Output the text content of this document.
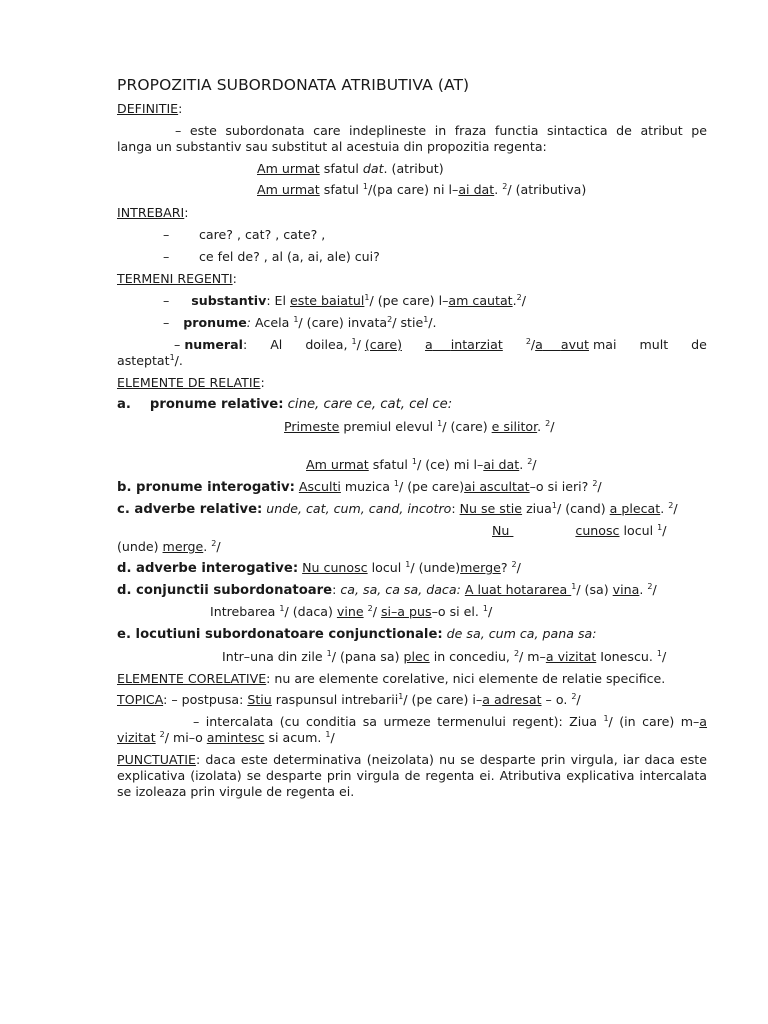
PROPOZITIA SUBORDONATA ATRIBUTIVA (AT)
DEFINITIE:
– este subordonata care indeplineste in fraza functia sintactica de atribut pe
langa un substantiv sau substitut al acestuia din propozitia regenta:
Am urmat sfatul dat. (atribut)
Am urmat sfatul $^1$/(pa care) ni l–ai dat. $^2$/ (atributiva)
INTREBARI:
– care? , cat? , cate? ,
– ce fel de? , al (a, ai, ale) cui?
TERMENI REGENTI:
– substantiv: El este baiatul$^1$/ (pe care) l–am cautat.$^2$/
– pronume: Acela $^1$/ (care) invata$^2$/ stie$^1$/.
– numeral: Al doilea, $^1$/ (care) a intarziat	$^2$/a avut mai mult de
asteptat$^1$/.
ELEMENTE DE RELATIE:
a. pronume relative: cine, care ce, cat, cel ce:
Primeste premiul elevul $^1$/ (care) e silitor. $^2$/
Am urmat sfatul $^1$/ (ce) mi l–ai dat. $^2$/
b. pronume interogativ: Asculti muzica $^1$/ (pe care)ai ascultat–o si ieri? $^2$/
c. adverbe relative: unde, cat, cum, cand, incotro: Nu se stie ziua$^1$/ (cand) a plecat. $^2$/
Nu	cunosc locul $^1$/
(unde) merge. $^2$/
d. adverbe interogative: Nu cunosc locul $^1$/ (unde)merge? $^2$/
d. conjunctii subordonatoare: ca, sa, ca sa, daca: A luat hotararea $^1$/ (sa) vina. $^2$/
Intrebarea $^1$/ (daca) vine $^2$/ si–a pus–o si el. $^1$/
e. locutiuni subordonatoare conjunctionale: de sa, cum ca, pana sa:
Intr–una din zile $^1$/ (pana sa) plec in concediu, $^2$/ m–a vizitat Ionescu. $^1$/
ELEMENTE CORELATIVE: nu are elemente corelative, nici elemente de relatie specifice.
TOPICA: – postpusa: Stiu raspunsul intrebarii$^1$/ (pe care) i–a adresat – o. $^2$/
– intercalata (cu conditia sa urmeze termenului regent): Ziua $^1$/ (in care) m–a
vizitat $^2$/ mi–o amintesc si acum. $^1$/
PUNCTUATIE: daca este determinativa (neizolata) nu se desparte prin virgula, iar daca este explicativa (izolata) se desparte prin virgula de regenta ei. Atributiva explicativa intercalata se izoleaza prin virgule de regenta ei.
